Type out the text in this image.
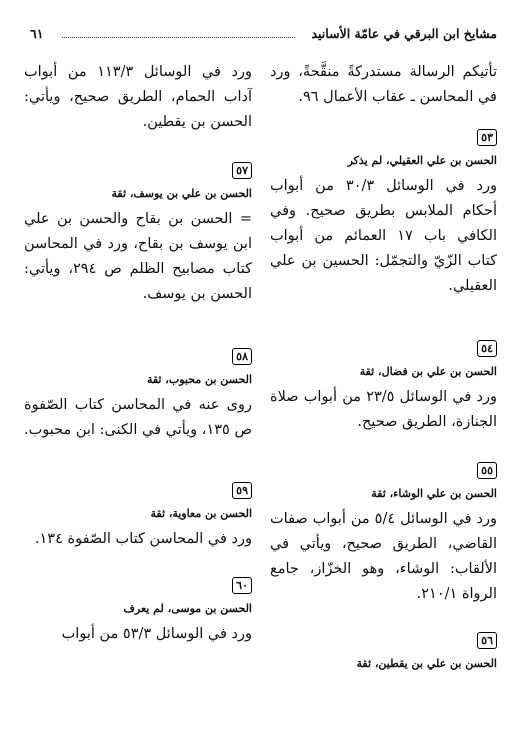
مشايخ ابن البرقي في عامّة الأسانيد
٦١

تأتيكم الرسالة مستدركةً منقَّحةً، ورد في المحاسن ـ عقاب الأعمال ٩٦.

٥٣
الحسن بن علي العقيلي، لم يذكر

ورد في الوسائل ٣٠/٣ من أبواب أحكام الملابس بطريق صحيح. وفي الكافي باب ١٧ العمائم من أبواب كتاب الزّيّ والتجمّل: الحسين بن علي العقيلي.

٥٤
الحسن بن علي بن فضال، ثقة

ورد في الوسائل ٢٣/٥ من أبواب صلاة الجنازة، الطريق صحيح.

٥٥
الحسن بن علي الوشاء، ثقة

ورد في الوسائل ٥/٤ من أبواب صفات القاضي، الطريق صحيح، ويأتي في الألقاب: الوشاء، وهو الخزّاز، جامع الرواة ٢١٠/١.

٥٦
الحسن بن علي بن يقطين، ثقة

ورد في الوسائل ١١٣/٣ من أبواب آداب الحمام، الطريق صحيح، ويأتي: الحسن بن يقطين.

٥٧
الحسن بن علي بن يوسف، ثقة

= الحسن بن بقاح والحسن بن علي ابن يوسف بن بقاح، ورد في المحاسن كتاب مصابيح الظلم ص ٢٩٤، ويأتي: الحسن بن يوسف.

٥٨
الحسن بن محبوب، ثقة

روى عنه في المحاسن كتاب الصّفوة ص ١٣٥، ويأتي في الكنى: ابن محبوب.

٥٩
الحسن بن معاوية، ثقة

ورد في المحاسن كتاب الصّفوة ١٣٤.

٦٠
الحسن بن موسى، لم يعرف

ورد في الوسائل ٥٣/٣ من أبواب
